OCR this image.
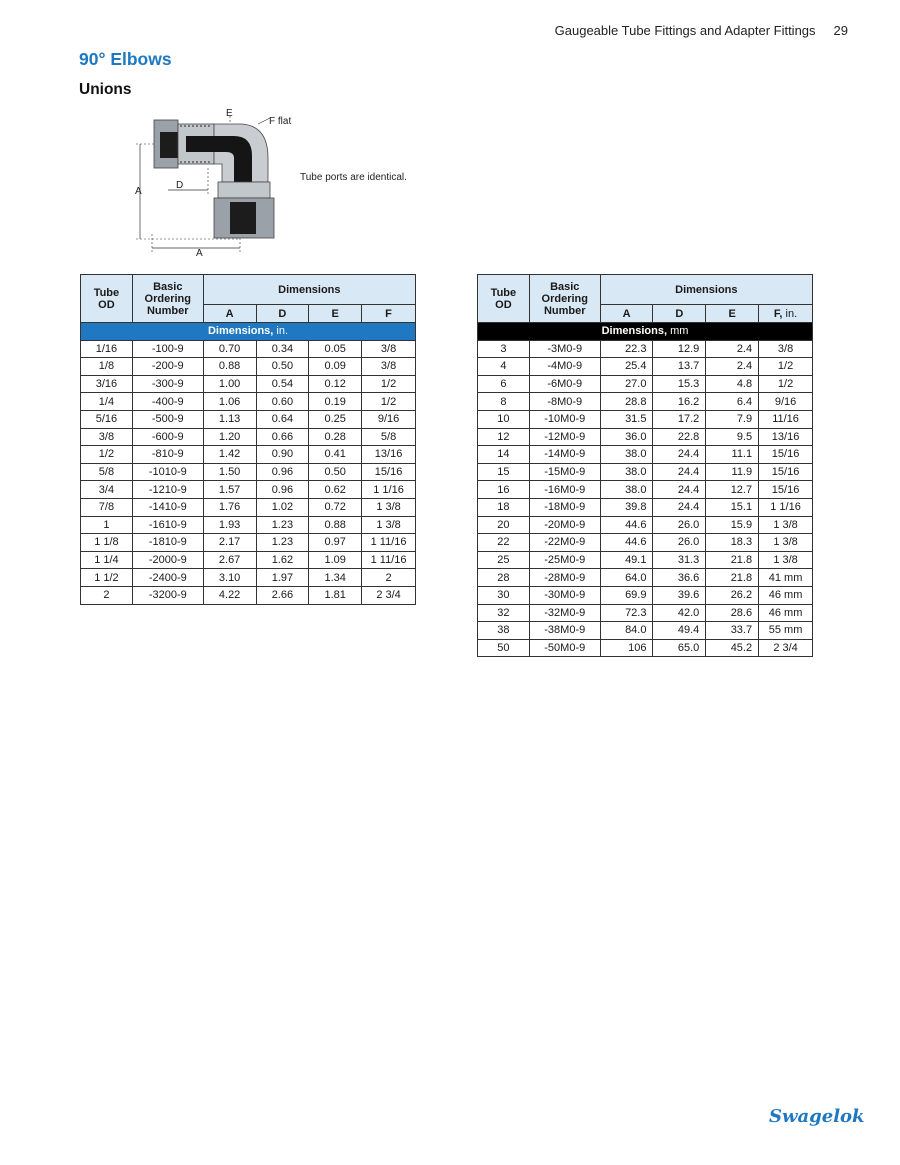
Gaugeable Tube Fittings and Adapter Fittings 29
90° Elbows
Unions
E
F flat
A
D
A
Tube ports are identical.
Tube
OD	Basic
Ordering
Number	Dimensions			
		A	D	E	F
Dimensions, in.					
1/16	-100-9	0.70	0.34	0.05	3/8
1/8	-200-9	0.88	0.50	0.09	3/8
3/16	-300-9	1.00	0.54	0.12	1/2
1/4	-400-9	1.06	0.60	0.19	1/2
5/16	-500-9	1.13	0.64	0.25	9/16
3/8	-600-9	1.20	0.66	0.28	5/8
1/2	-810-9	1.42	0.90	0.41	13/16
5/8	-1010-9	1.50	0.96	0.50	15/16
3/4	-1210-9	1.57	0.96	0.62	1 1/16
7/8	-1410-9	1.76	1.02	0.72	1 3/8
1	-1610-9	1.93	1.23	0.88	1 3/8
1 1/8	-1810-9	2.17	1.23	0.97	1 11/16
1 1/4	-2000-9	2.67	1.62	1.09	1 11/16
1 1/2	-2400-9	3.10	1.97	1.34	2
2	-3200-9	4.22	2.66	1.81	2 3/4
Tube
OD	Basic
Ordering
Number	Dimensions			
		A	D	E	F, in.
Dimensions, mm					
3	-3M0-9	22.3	12.9	2.4	3/8
4	-4M0-9	25.4	13.7	2.4	1/2
6	-6M0-9	27.0	15.3	4.8	1/2
8	-8M0-9	28.8	16.2	6.4	9/16
10	-10M0-9	31.5	17.2	7.9	11/16
12	-12M0-9	36.0	22.8	9.5	13/16
14	-14M0-9	38.0	24.4	11.1	15/16
15	-15M0-9	38.0	24.4	11.9	15/16
16	-16M0-9	38.0	24.4	12.7	15/16
18	-18M0-9	39.8	24.4	15.1	1 1/16
20	-20M0-9	44.6	26.0	15.9	1 3/8
22	-22M0-9	44.6	26.0	18.3	1 3/8
25	-25M0-9	49.1	31.3	21.8	1 3/8
28	-28M0-9	64.0	36.6	21.8	41 mm
30	-30M0-9	69.9	39.6	26.2	46 mm
32	-32M0-9	72.3	42.0	28.6	46 mm
38	-38M0-9	84.0	49.4	33.7	55 mm
50	-50M0-9	106	65.0	45.2	2 3/4
Swagelok
